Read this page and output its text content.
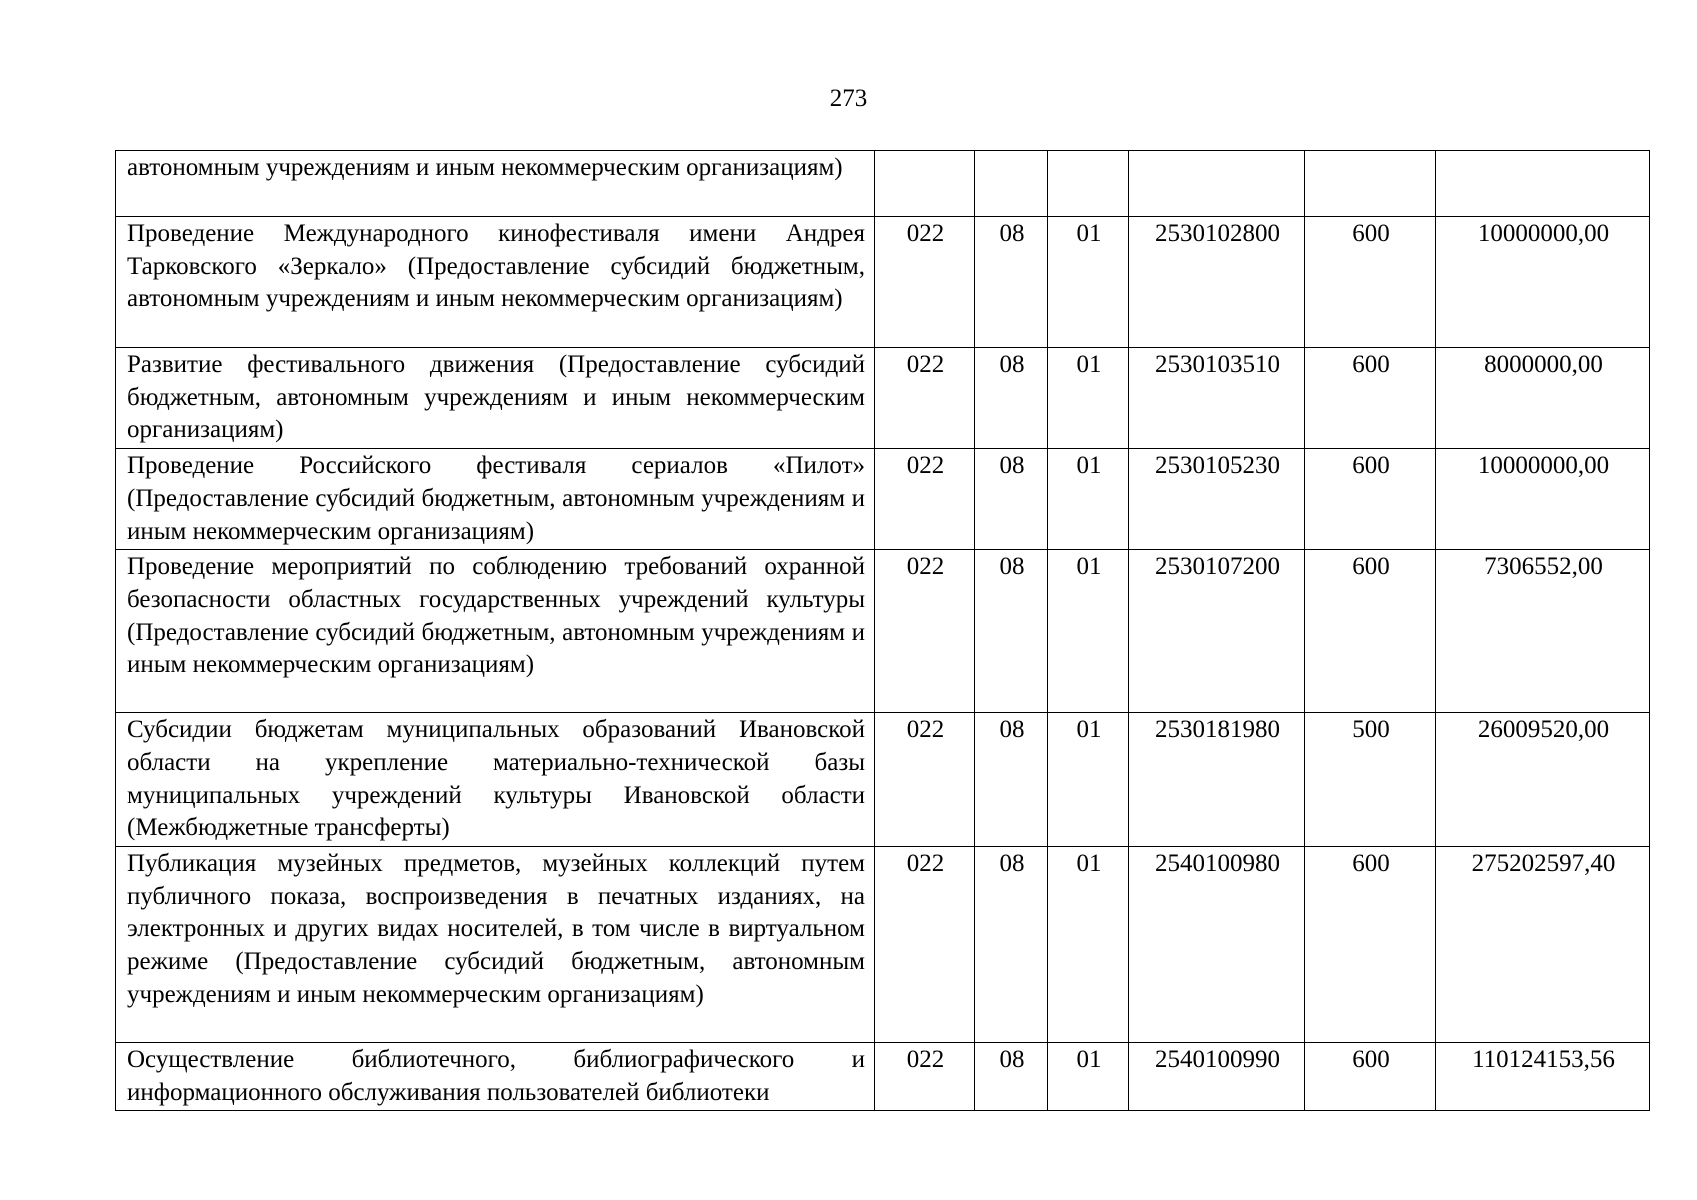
273
автономным учреждениям и иным некоммерческим организациям)						
Проведение Международного кинофестиваля имени Андрея Тарковского «Зеркало» (Предоставление субсидий бюджетным, автономным учреждениям и иным некоммерческим организациям)	022	08	01	2530102800	600	10000000,00
Развитие фестивального движения (Предоставление субсидий бюджетным, автономным учреждениям и иным некоммерческим организациям)	022	08	01	2530103510	600	8000000,00
Проведение Российского фестиваля сериалов «Пилот» (Предоставление субсидий бюджетным, автономным учреждениям и иным некоммерческим организациям)	022	08	01	2530105230	600	10000000,00
Проведение мероприятий по соблюдению требований охранной безопасности областных государственных учреждений культуры (Предоставление субсидий бюджетным, автономным учреждениям и иным некоммерческим организациям)	022	08	01	2530107200	600	7306552,00
Субсидии бюджетам муниципальных образований Ивановской области на укрепление материально-технической базы муниципальных учреждений культуры Ивановской области (Межбюджетные трансферты)	022	08	01	2530181980	500	26009520,00
Публикация музейных предметов, музейных коллекций путем публичного показа, воспроизведения в печатных изданиях, на электронных и других видах носителей, в том числе в виртуальном режиме (Предоставление субсидий бюджетным, автономным учреждениям и иным некоммерческим организациям)	022	08	01	2540100980	600	275202597,40
Осуществление библиотечного, библиографического и информационного обслуживания пользователей библиотеки	022	08	01	2540100990	600	110124153,56
